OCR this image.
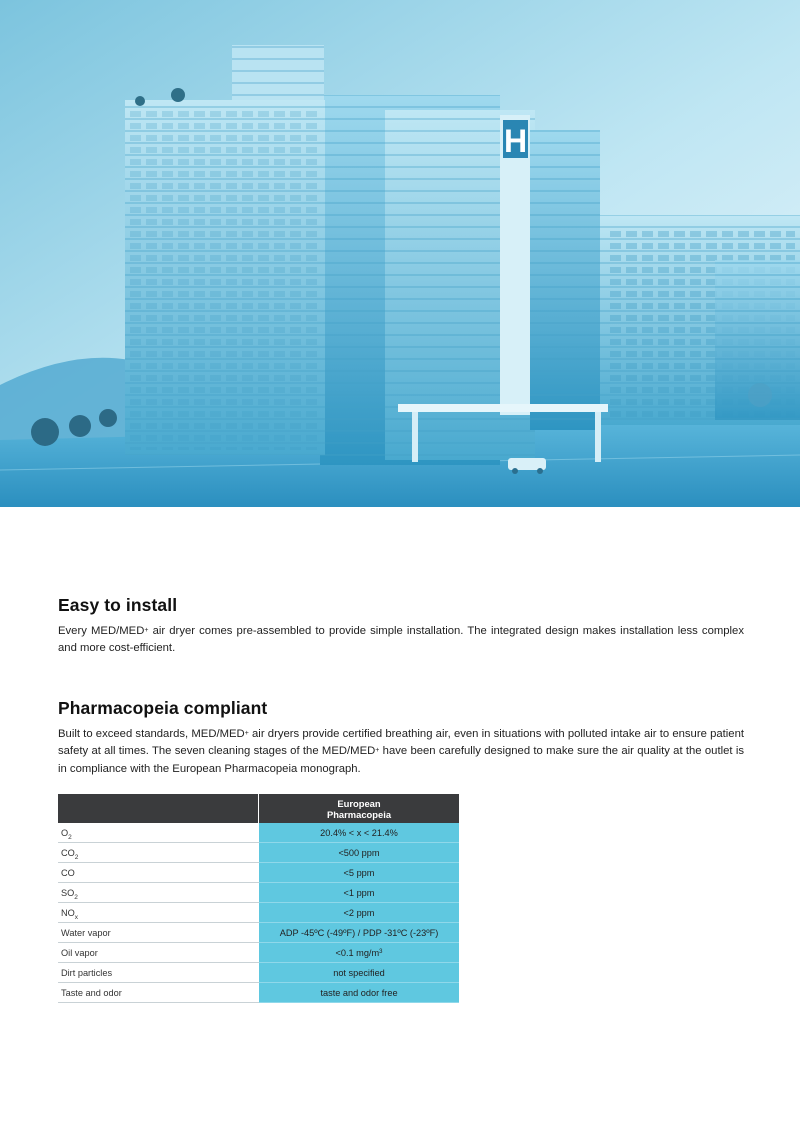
H
Easy to install

Every MED/MED+ air dryer comes pre-assembled to provide simple installation. The integrated design makes installation less complex and more cost-efficient.

Pharmacopeia compliant

Built to exceed standards, MED/MED+ air dryers provide certified breathing air, even in situations with polluted intake air to ensure patient safety at all times. The seven cleaning stages of the MED/MED+ have been carefully designed to make sure the air quality at the outlet is in compliance with the European Pharmacopeia monograph.

	European
Pharmacopeia
$O_2$	20.4% < x < 21.4%
$CO_2$	<500 ppm
CO	<5 ppm
$SO_2$	<1 ppm
$NO_x$	<2 ppm
Water vapor	ADP -45ºC (-49ºF) / PDP -31ºC (-23ºF)
Oil vapor	<0.1 $mg/m^3$
Dirt particles	not specified
Taste and odor	taste and odor free
